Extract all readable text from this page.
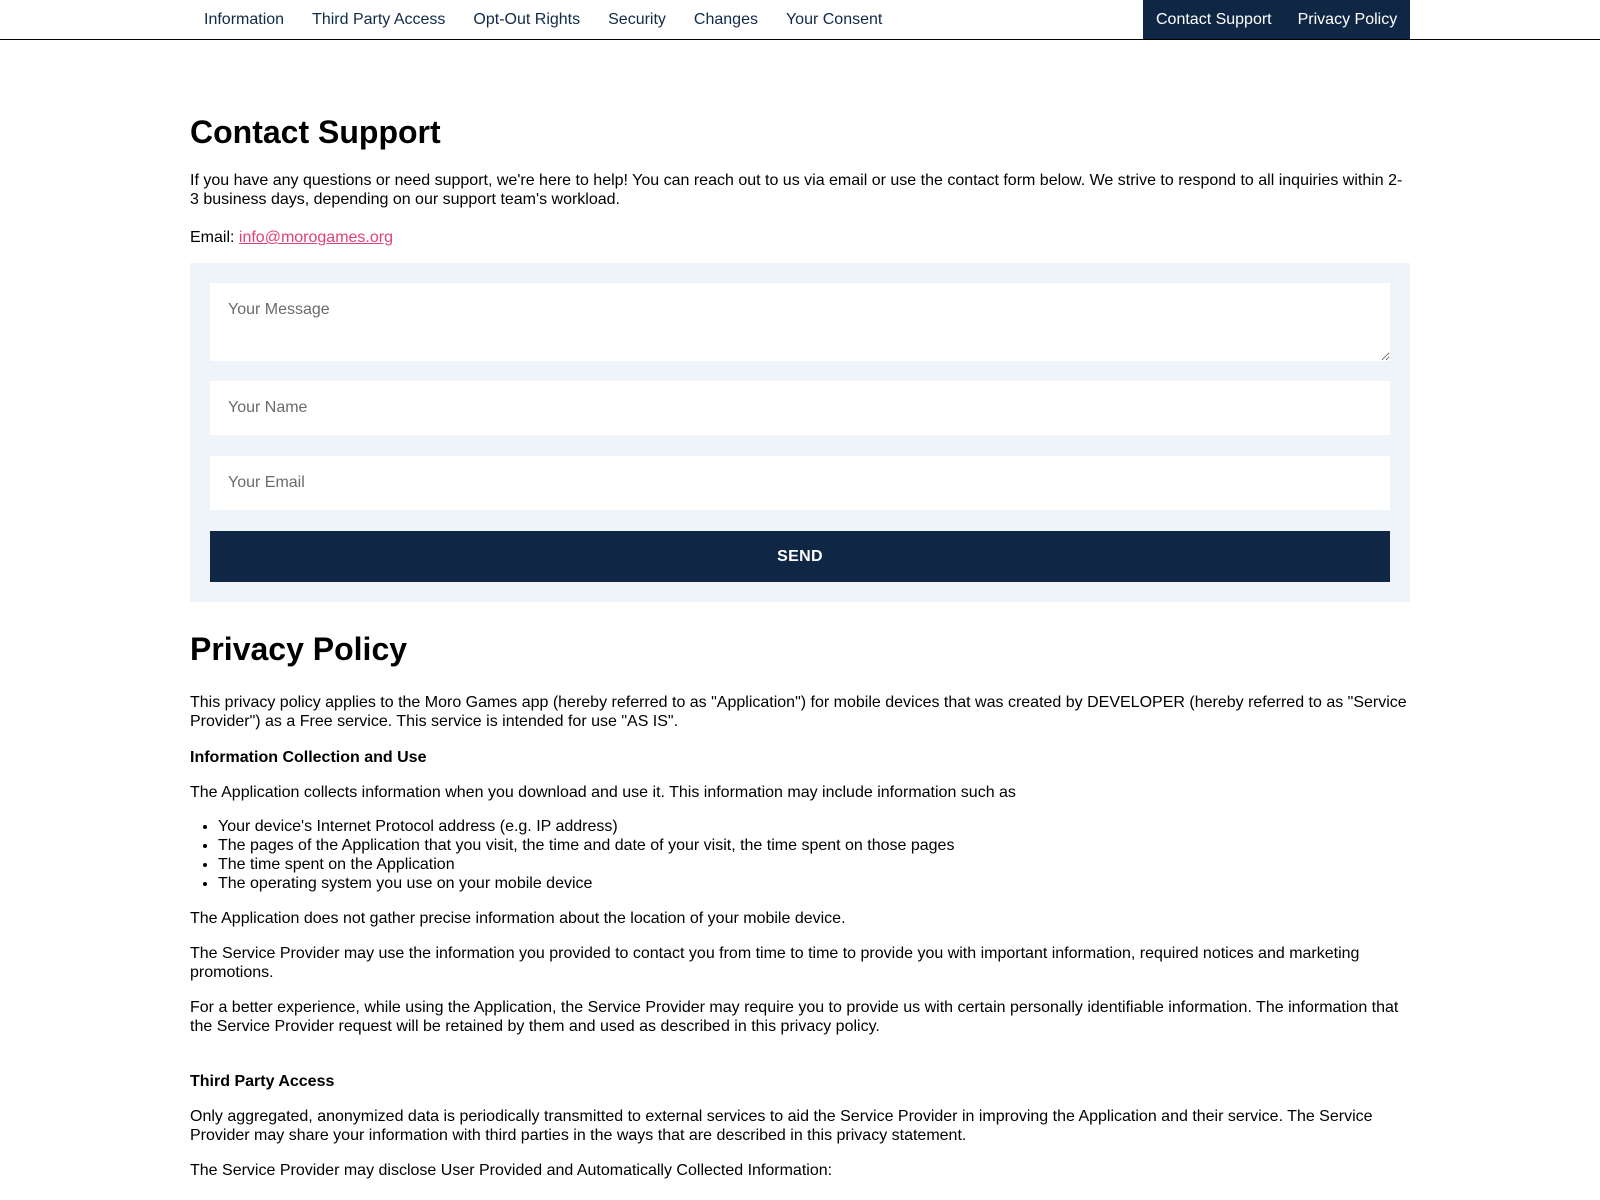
Information	Third Party Access	Opt-Out Rights	Security	Changes	Your Consent	Contact Support	Privacy Policy
Contact Support

If you have any questions or need support, we're here to help! You can reach out to us via email or use the contact form below. We strive to respond to all inquiries within 2-3 business days, depending on our support team's workload.

Email: info@morogames.org

Your Message
Your Name
Your Email
SEND
Privacy Policy

This privacy policy applies to the Moro Games app (hereby referred to as "Application") for mobile devices that was created by DEVELOPER (hereby referred to as "Service Provider") as a Free service. This service is intended for use "AS IS".

Information Collection and Use

The Application collects information when you download and use it. This information may include information such as

• Your device's Internet Protocol address (e.g. IP address)
• The pages of the Application that you visit, the time and date of your visit, the time spent on those pages
• The time spent on the Application
• The operating system you use on your mobile device

The Application does not gather precise information about the location of your mobile device.

The Service Provider may use the information you provided to contact you from time to time to provide you with important information, required notices and marketing promotions.

For a better experience, while using the Application, the Service Provider may require you to provide us with certain personally identifiable information. The information that the Service Provider request will be retained by them and used as described in this privacy policy.

Third Party Access

Only aggregated, anonymized data is periodically transmitted to external services to aid the Service Provider in improving the Application and their service. The Service Provider may share your information with third parties in the ways that are described in this privacy statement.

The Service Provider may disclose User Provided and Automatically Collected Information:
